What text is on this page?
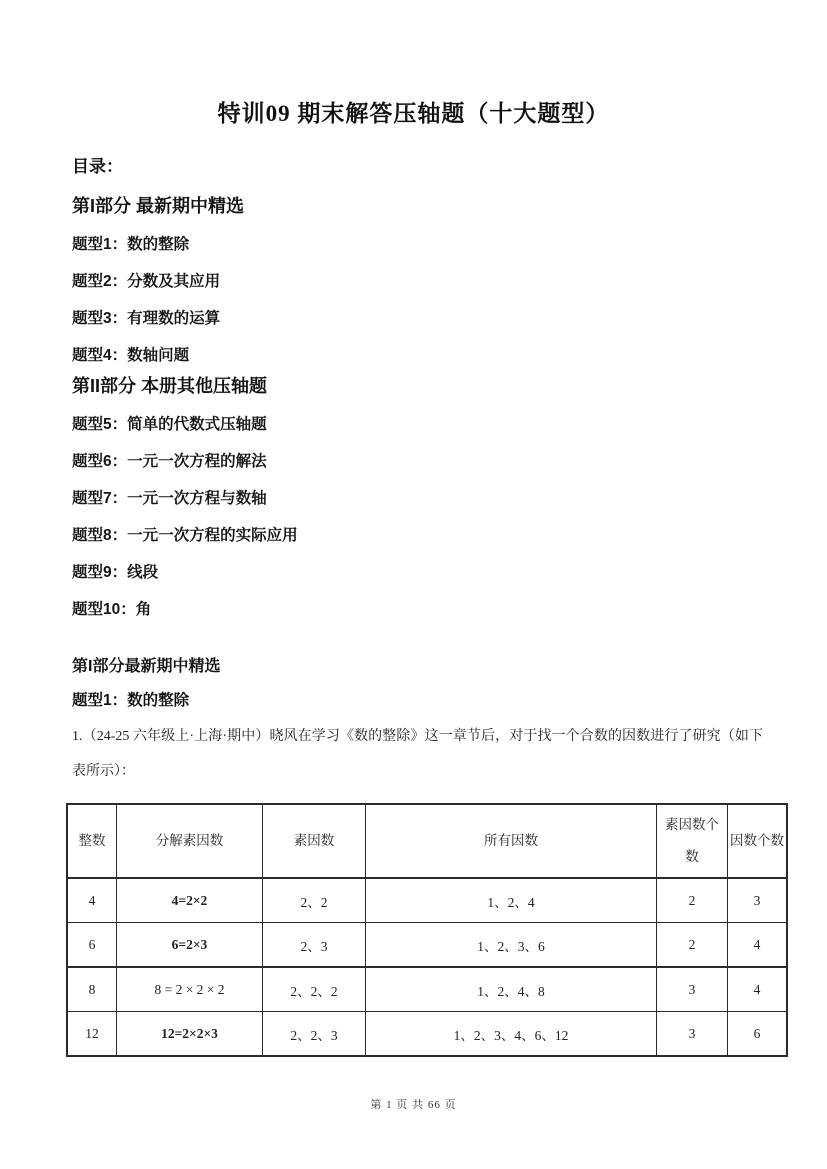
特训09 期末解答压轴题（十大题型）
目录：
第I部分 最新期中精选
题型1：数的整除
题型2：分数及其应用
题型3：有理数的运算
题型4：数轴问题
第II部分 本册其他压轴题
题型5：简单的代数式压轴题
题型6：一元一次方程的解法
题型7：一元一次方程与数轴
题型8：一元一次方程的实际应用
题型9：线段
题型10：角
第I部分最新期中精选
题型1：数的整除

1.（24-25 六年级上·上海·期中）晓风在学习《数的整除》这一章节后，对于找一个合数的因数进行了研究（如下表所示）：

整数	分解素因数	素因数	所有因数	素因数个数	因数个数
4	4=2×2	2、2	1、2、4	2	3
6	6=2×3	2、3	1、2、3、6	2	4
8	8 = 2 × 2 × 2	2、2、2	1、2、4、8	3	4
12	12=2×2×3	2、2、3	1、2、3、4、6、12	3	6
第 1 页 共 66 页
